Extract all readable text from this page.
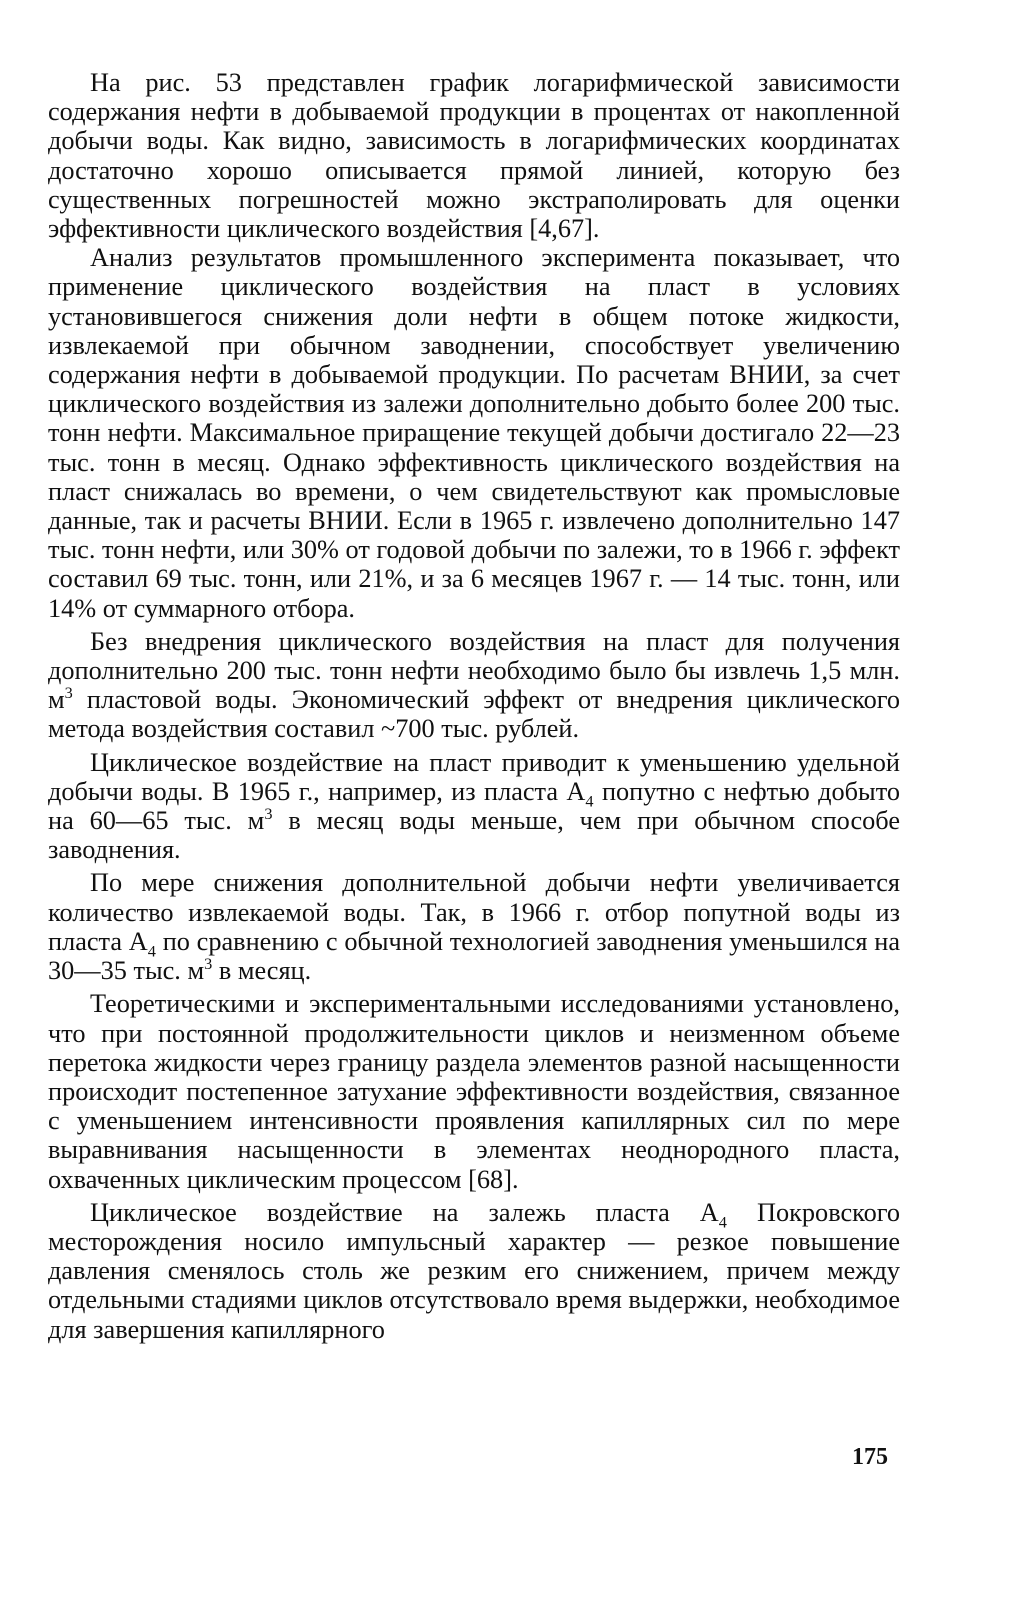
На рис. 53 представлен график логарифмической зависимости содержания нефти в добываемой продукции в процентах от накопленной добычи воды. Как видно, зависимость в логарифмических координатах достаточно хорошо описывается прямой линией, которую без существенных погрешностей можно экстраполировать для оценки эффективности циклического воздействия [4,67].

Анализ результатов промышленного эксперимента показывает, что применение циклического воздействия на пласт в условиях установившегося снижения доли нефти в общем потоке жидкости, извлекаемой при обычном заводнении, способствует увеличению содержания нефти в добываемой продукции. По расчетам ВНИИ, за счет циклического воздействия из залежи дополнительно добыто более 200 тыс. тонн нефти. Максимальное приращение текущей добычи достигало 22—23 тыс. тонн в месяц. Однако эффективность циклического воздействия на пласт снижалась во времени, о чем свидетельствуют как промысловые данные, так и расчеты ВНИИ. Если в 1965 г. извлечено дополнительно 147 тыс. тонн нефти, или 30% от годовой добычи по залежи, то в 1966 г. эффект составил 69 тыс. тонн, или 21%, и за 6 месяцев 1967 г. — 14 тыс. тонн, или 14% от суммарного отбора.

Без внедрения циклического воздействия на пласт для получения дополнительно 200 тыс. тонн нефти необходимо было бы извлечь 1,5 млн. $м^3$ пластовой воды. Экономический эффект от внедрения циклического метода воздействия составил ~700 тыс. рублей.

Циклическое воздействие на пласт приводит к уменьшению удельной добычи воды. В 1965 г., например, из пласта $А_4$ попутно с нефтью добыто на 60—65 тыс. $м^3$ в месяц воды меньше, чем при обычном способе заводнения.

По мере снижения дополнительной добычи нефти увеличивается количество извлекаемой воды. Так, в 1966 г. отбор попутной воды из пласта $А_4$ по сравнению с обычной технологией заводнения уменьшился на 30—35 тыс. $м^3$ в месяц.

Теоретическими и экспериментальными исследованиями установлено, что при постоянной продолжительности циклов и неизменном объеме перетока жидкости через границу раздела элементов разной насыщенности происходит постепенное затухание эффективности воздействия, связанное с уменьшением интенсивности проявления капиллярных сил по мере выравнивания насыщенности в элементах неоднородного пласта, охваченных циклическим процессом [68].

Циклическое воздействие на залежь пласта $А_4$ Покровского месторождения носило импульсный характер — резкое повышение давления сменялось столь же резким его снижением, причем между отдельными стадиями циклов отсутствовало время выдержки, необходимое для завершения капиллярного

175
